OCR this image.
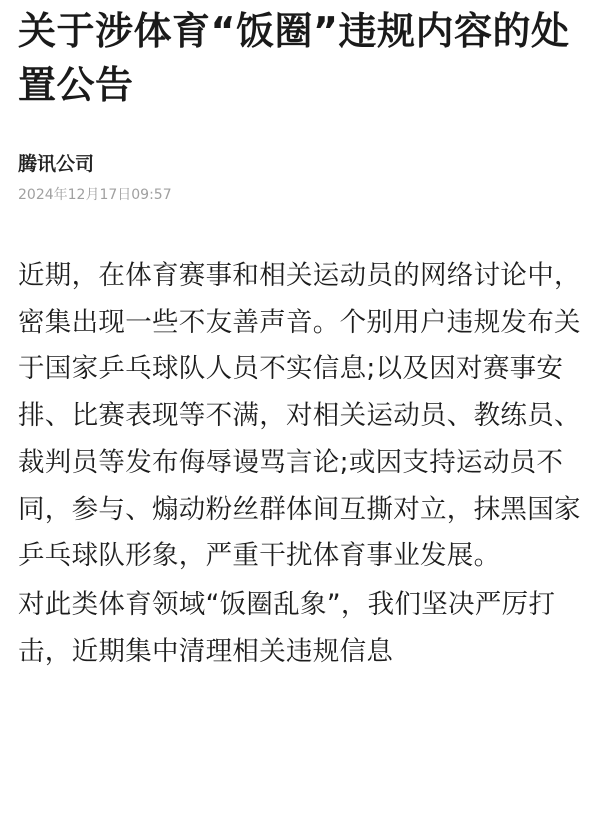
关于涉体育“饭圈”违规内容的处置公告
腾讯公司
2024年12月17日09:57

近期，在体育赛事和相关运动员的网络讨论中，密集出现一些不友善声音。个别用户违规发布关于国家乒乓球队人员不实信息;以及因对赛事安排、比赛表现等不满，对相关运动员、教练员、裁判员等发布侮辱谩骂言论;或因支持运动员不同，参与、煽动粉丝群体间互撕对立，抹黑国家乒乓球队形象，严重干扰体育事业发展。

对此类体育领域“饭圈乱象”，我们坚决严厉打击，近期集中清理相关违规信息
